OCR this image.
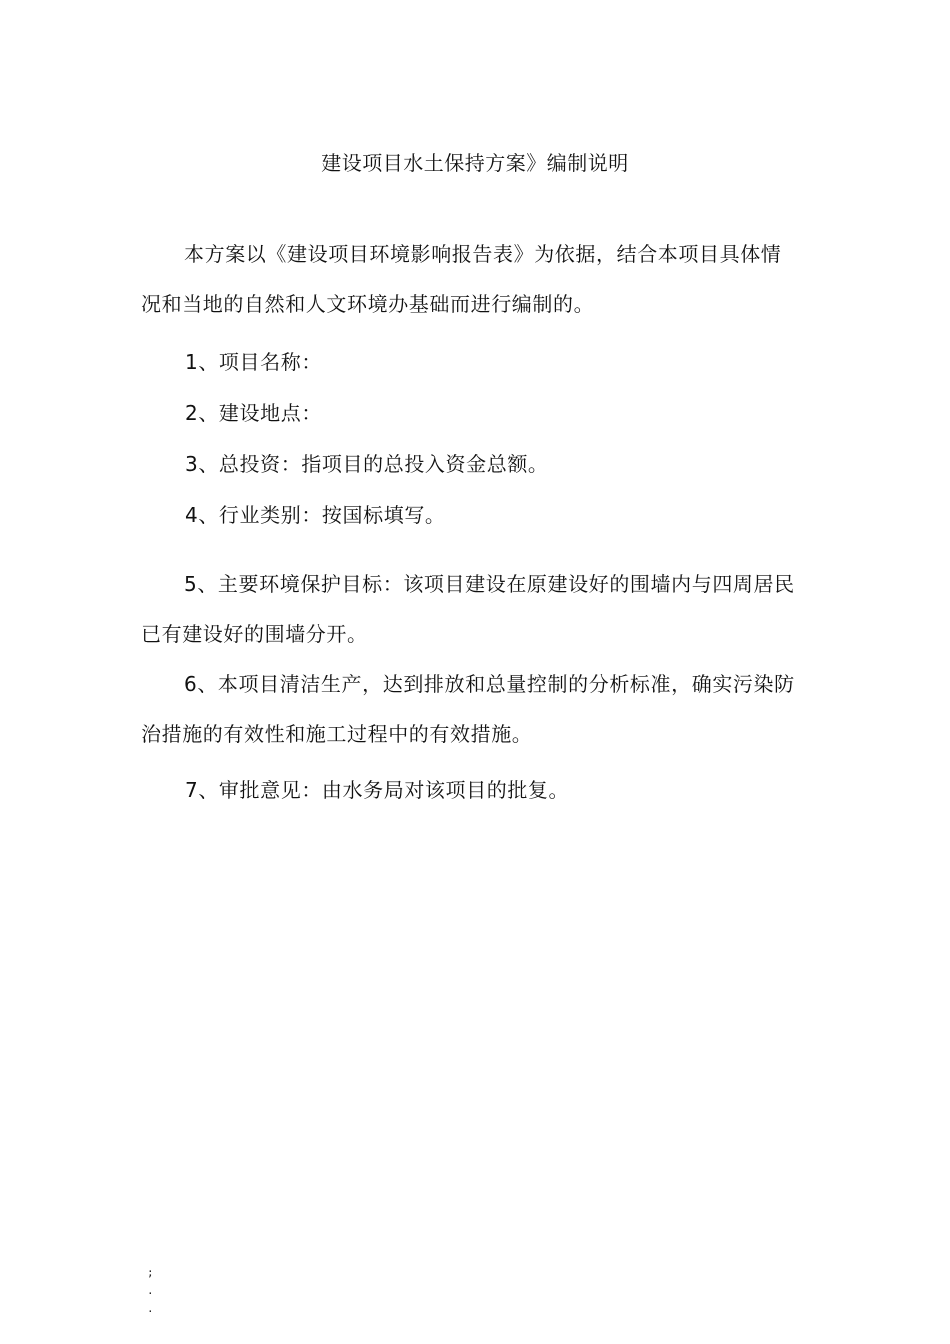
建设项目水土保持方案》编制说明
本方案以《建设项目环境影响报告表》为依据，结合本项目具体情况和当地的自然和人文环境办基础而进行编制的。
1、项目名称：
2、建设地点：
3、总投资：指项目的总投入资金总额。
4、行业类别：按国标填写。
5、主要环境保护目标：该项目建设在原建设好的围墙内与四周居民已有建设好的围墙分开。
6、本项目清洁生产，达到排放和总量控制的分析标准，确实污染防治措施的有效性和施工过程中的有效措施。
7、审批意见：由水务局对该项目的批复。
;
.
.
